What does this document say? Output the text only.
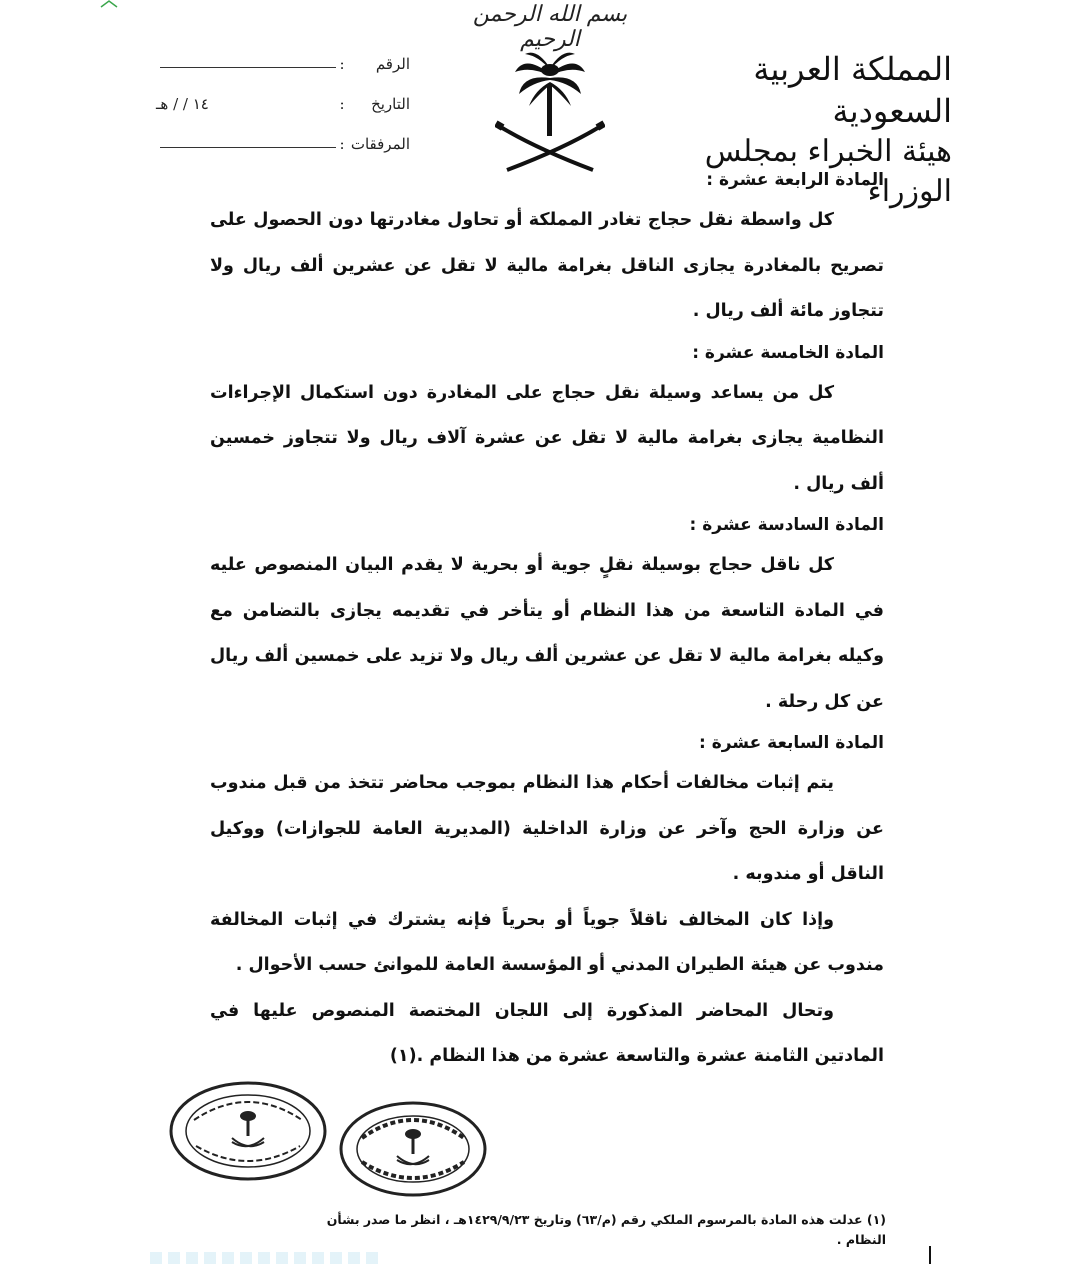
بسم الله الرحمن الرحيم
المملكة العربية السعودية
هيئة الخبراء بمجلس الوزراء
الرقم
:
التاريخ
:
١٤ / / هـ
المرفقات
:
المادة الرابعة عشرة :

كل واسطة نقل حجاج تغادر المملكة أو تحاول مغادرتها دون الحصول على تصريح بالمغادرة يجازى الناقل بغرامة مالية لا تقل عن عشرين ألف ريال ولا تتجاوز مائة ألف ريال .

المادة الخامسة عشرة :

كل من يساعد وسيلة نقل حجاج على المغادرة دون استكمال الإجراءات النظامية يجازى بغرامة مالية لا تقل عن عشرة آلاف ريال ولا تتجاوز خمسين ألف ريال .

المادة السادسة عشرة :

كل ناقل حجاج بوسيلة نقلٍ جوية أو بحرية لا يقدم البيان المنصوص عليه في المادة التاسعة من هذا النظام أو يتأخر في تقديمه يجازى بالتضامن مع وكيله بغرامة مالية لا تقل عن عشرين ألف ريال ولا تزيد على خمسين ألف ريال عن كل رحلة .

المادة السابعة عشرة :

يتم إثبات مخالفات أحكام هذا النظام بموجب محاضر تتخذ من قبل مندوب عن وزارة الحج وآخر عن وزارة الداخلية (المديرية العامة للجوازات) ووكيل الناقل أو مندوبه .

وإذا كان المخالف ناقلاً جوياً أو بحرياً فإنه يشترك في إثبات المخالفة مندوب عن هيئة الطيران المدني أو المؤسسة العامة للموانئ حسب الأحوال .

وتحال المحاضر المذكورة إلى اللجان المختصة المنصوص عليها في المادتين الثامنة عشرة والتاسعة عشرة من هذا النظام .(١)

(١) عدلت هذه المادة بالمرسوم الملكي رقم (م/٦٣) وتاريخ ١٤٢٩/٩/٢٣هـ ، انظر ما صدر بشأن النظام .
